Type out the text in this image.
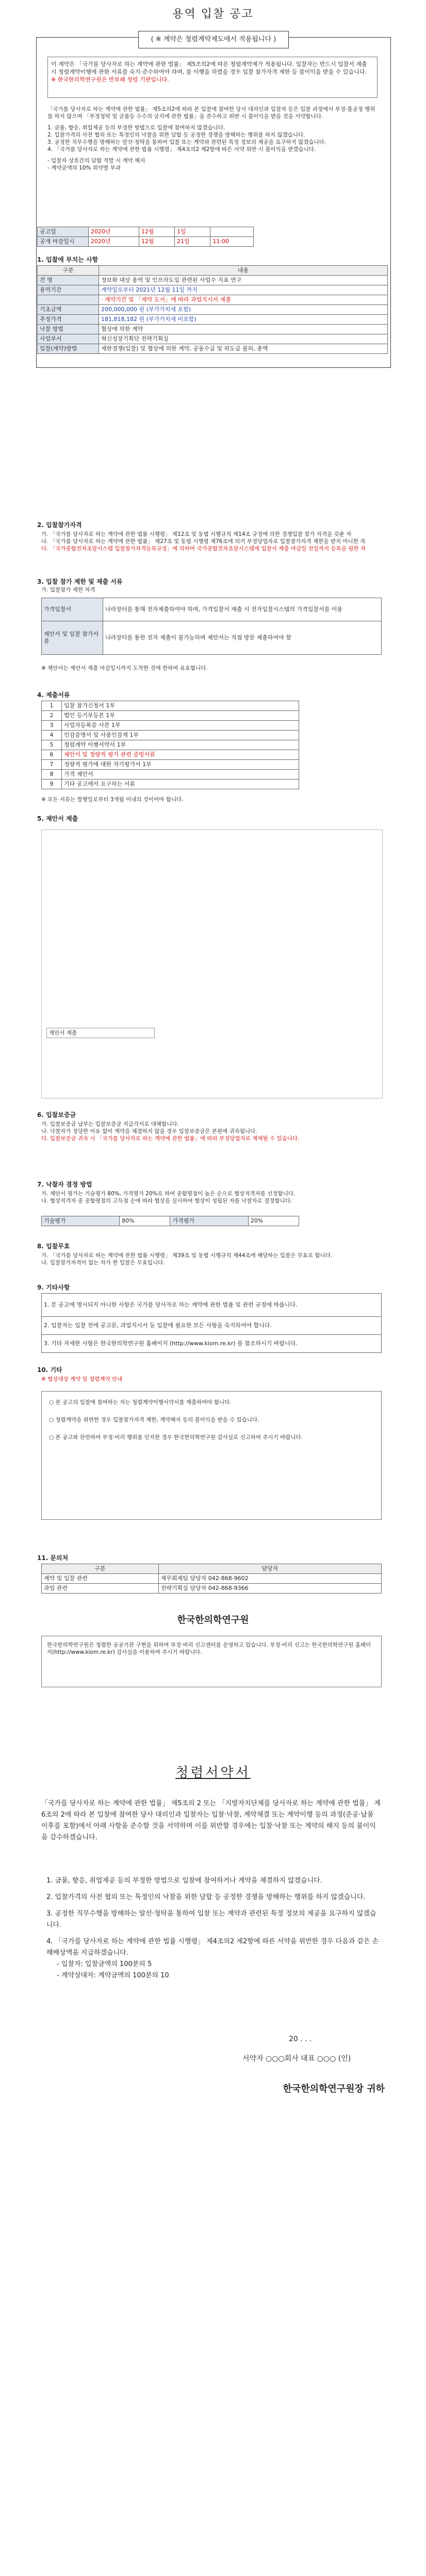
용역 입찰 공고
( ※ 계약은 청렴계약제도에서 적용됩니다 )
이 계약은 「국가를 당사자로 하는 계약에 관한 법률」 제5조의2에 따른 청렴계약제가 적용됩니다. 입찰자는 반드시 입찰서 제출 시 청렴계약이행에 관한 서류를 숙지·준수하여야 하며, 불 이행을 하였을 경우 입찰 참가자격 제한 등 불이익을 받을 수 있습니다.
※ 한국한의학연구원은 반부패 청렴 기관입니다.
「국가를 당사자로 하는 계약에 관한 법률」 제5조의2에 따라 본 입찰에 참여한 당사 대리인과 입찰자 등은 입찰 과정에서 부정·불공정 행위를 하지 않으며 「부정청탁 및 금품등 수수의 금지에 관한 법률」을 준수하고 위반 시 불이익을 받을 것을 서약합니다.
1. 금품, 향응, 취업제공 등의 부정한 방법으로 입찰에 참여하지 않겠습니다.
2. 입찰가격의 사전 협의 또는 특정인의 낙찰을 위한 담합 등 공정한 경쟁을 방해하는 행위를 하지 않겠습니다.
3. 공정한 직무수행을 방해하는 알선·청탁을 통하여 입찰 또는 계약과 관련된 특정 정보의 제공을 요구하지 않겠습니다.
4. 「국가를 당사자로 하는 계약에 관한 법률 시행령」 제4조의2 제2항에 따른 서약 위반 시 불이익을 받겠습니다.
- 입찰자 상호간의 담합 적발 시 계약 해지
- 계약금액의 10% 위약벌 부과
공고일	2020년	12월	1일	
공개 마감일시	2020년	12월	21일	11:00
1. 입찰에 부치는 사항
구분	내용
건 명	정보화 대상 용역 및 인프라도입 관련된 사업수 지표 연구
용역기간	계약일로부터 2021년 12월 11일 까지
	· 계약기간 및 「계약 도서」에 따라 과업지시서 제출
기초금액	200,000,000 원 (부가가치세 포함)
추정가격	181,818,182 원 (부가가치세 미포함)
낙찰 방법	협상에 의한 계약
사업부서	혁신성장기획단 전략기획실
입찰(계약)방법	제한경쟁(입찰) 및 협상에 의한 계약, 공동수급 및 하도급 불허, 총액
2. 입찰참가자격
가. 「국가를 당사자로 하는 계약에 관한 법률 시행령」 제12조 및 동법 시행규칙 제14조 규정에 의한 경쟁입찰 참가 자격을 갖춘 자
나. 「국가를 당사자로 하는 계약에 관한 법률」 제27조 및 동법 시행령 제76조에 의거 부정당업자로 입찰참가자격 제한을 받지 아니한 자
다. 「국가종합전자조달시스템 입찰참가자격등록규정」에 의하여 국가종합전자조달시스템에 입찰서 제출 마감일 전일까지 등록을 필한 자
3. 입찰 참가 제한 및 제출 서류
가. 입찰참가 제한 자격
가격입찰서	나라장터를 통해 전자제출하여야 하며, 가격입찰서 제출 시 전자입찰시스템의 가격입찰서를 이용
제안서 및 입찰 참가서류	나라장터를 통한 전자 제출이 불가능하며 제안서는 직접 방문 제출하여야 함
※ 제안서는 제안서 제출 마감일시까지 도착한 것에 한하여 유효합니다.
4. 제출서류
1	입찰 참가신청서 1부
2	법인 등기부등본 1부
3	사업자등록증 사본 1부
4	인감증명서 및 사용인감계 1부
5	청렴계약 이행서약서 1부
6	제안서 및 정량적 평가 관련 증빙서류
7	정량적 평가에 대한 자기평가서 1부
8	가격 제안서
9	기타 공고에서 요구하는 서류
※ 모든 서류는 발행일로부터 3개월 이내의 것이어야 합니다.
5. 제안서 제출
제안서 제출
6. 입찰보증금
가. 입찰보증금 납부는 입찰보증금 지급각서로 대체합니다.
나. 낙찰자가 정당한 이유 없이 계약을 체결하지 않을 경우 입찰보증금은 본원에 귀속됩니다.
다. 입찰보증금 귀속 시 「국가를 당사자로 하는 계약에 관한 법률」에 따라 부정당업자로 제재될 수 있습니다.
7. 낙찰자 결정 방법
가. 제안서 평가는 기술평가 80%, 가격평가 20%로 하여 종합평점이 높은 순으로 협상적격자를 선정합니다.
나. 협상적격자 중 종합평점의 고득점 순에 따라 협상을 실시하여 협상이 성립된 자를 낙찰자로 결정합니다.
기술평가	80%	가격평가	20%
8. 입찰무효
가. 「국가를 당사자로 하는 계약에 관한 법률 시행령」 제39조 및 동법 시행규칙 제44조에 해당하는 입찰은 무효로 합니다.
나. 입찰참가자격이 없는 자가 한 입찰은 무효입니다.
9. 기타사항
1. 본 공고에 명시되지 아니한 사항은 국가를 당사자로 하는 계약에 관한 법률 및 관련 규정에 따릅니다.
2. 입찰자는 입찰 전에 공고문, 과업지시서 등 입찰에 필요한 모든 사항을 숙지하여야 합니다.
3. 기타 자세한 사항은 한국한의학연구원 홈페이지 (http://www.kiom.re.kr) 를 참조하시기 바랍니다.
10. 기타
※ 협상대상 계약 및 청렴계약 안내
○ 본 공고의 입찰에 참여하는 자는 청렴계약이행서약서를 제출하여야 합니다.
○ 청렴계약을 위반한 경우 입찰참가자격 제한, 계약해지 등의 불이익을 받을 수 있습니다.
○ 본 공고와 관련하여 부정·비리 행위를 인지한 경우 한국한의학연구원 감사실로 신고하여 주시기 바랍니다.
11. 문의처
구분	담당자
계약 및 입찰 관련	재무회계팀 담당자 042-868-9602
과업 관련	전략기획실 담당자 042-868-9366
한국한의학연구원
한국한의학연구원은 청렴한 공공기관 구현을 위하여 부정·비리 신고센터를 운영하고 있습니다. 부정·비리 신고는 한국한의학연구원 홈페이지(http://www.kiom.re.kr) 감사실을 이용하여 주시기 바랍니다.
청렴서약서
「국가를 당사자로 하는 계약에 관한 법률」 제5조의 2 또는 「지방자치단체를 당사자로 하는 계약에 관한 법률」 제6조의 2에 따라 본 입찰에 참여한 당사 대리인과 입찰자는 입찰·낙찰, 계약체결 또는 계약이행 등의 과정(준공·납품 이후를 포함)에서 아래 사항을 준수할 것을 서약하며 이를 위반할 경우에는 입찰·낙찰 또는 계약의 해지 등의 불이익을 감수하겠습니다.
1. 금품, 향응, 취업제공 등의 부정한 방법으로 입찰에 참여하거나 계약을 체결하지 않겠습니다.
2. 입찰가격의 사전 협의 또는 특정인의 낙찰을 위한 담합 등 공정한 경쟁을 방해하는 행위를 하지 않겠습니다.
3. 공정한 직무수행을 방해하는 알선·청탁을 통하여 입찰 또는 계약과 관련된 특정 정보의 제공을 요구하지 않겠습니다.
4. 「국가를 당사자로 하는 계약에 관한 법률 시행령」 제4조의2 제2항에 따른 서약을 위반한 경우 다음과 같은 손해배상액을 지급하겠습니다.
- 입찰자: 입찰금액의 100분의 5
- 계약상대자: 계약금액의 100분의 10
20 . . .
서약자 ○○○회사 대표 ○○○ (인)
한국한의학연구원장 귀하
